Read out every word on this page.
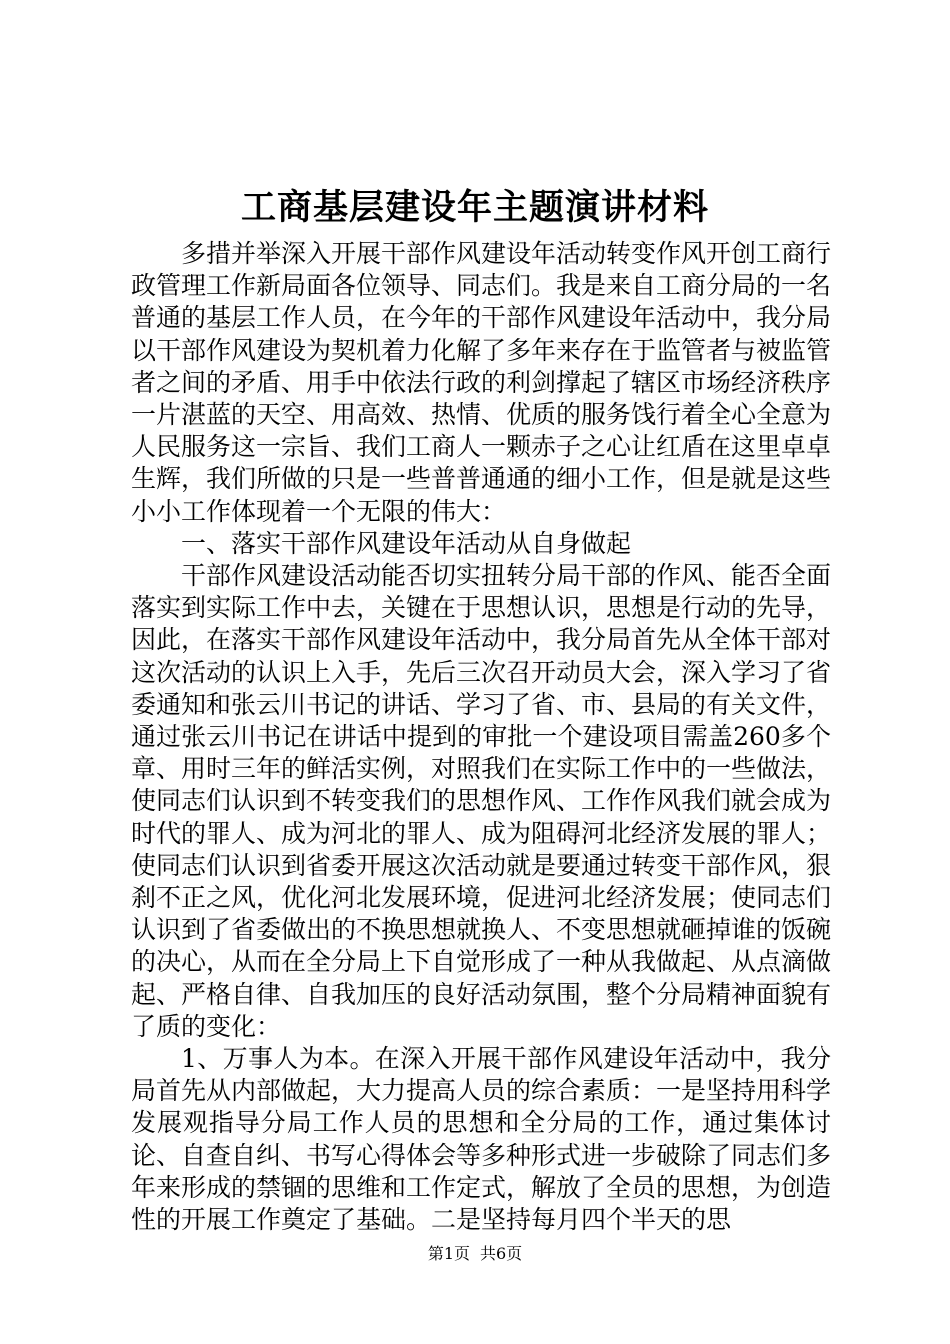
工商基层建设年主题演讲材料

多措并举深入开展干部作风建设年活动转变作风开创工商行政管理工作新局面各位领导、同志们。我是来自工商分局的一名普通的基层工作人员，在今年的干部作风建设年活动中，我分局以干部作风建设为契机着力化解了多年来存在于监管者与被监管者之间的矛盾、用手中依法行政的利剑撑起了辖区市场经济秩序一片湛蓝的天空、用高效、热情、优质的服务饯行着全心全意为人民服务这一宗旨、我们工商人一颗赤子之心让红盾在这里卓卓生辉，我们所做的只是一些普普通通的细小工作，但是就是这些小小工作体现着一个无限的伟大：

一、落实干部作风建设年活动从自身做起

干部作风建设活动能否切实扭转分局干部的作风、能否全面落实到实际工作中去，关键在于思想认识，思想是行动的先导，因此，在落实干部作风建设年活动中，我分局首先从全体干部对这次活动的认识上入手，先后三次召开动员大会，深入学习了省委通知和张云川书记的讲话、学习了省、市、县局的有关文件，通过张云川书记在讲话中提到的审批一个建设项目需盖260多个章、用时三年的鲜活实例，对照我们在实际工作中的一些做法，使同志们认识到不转变我们的思想作风、工作作风我们就会成为时代的罪人、成为河北的罪人、成为阻碍河北经济发展的罪人；使同志们认识到省委开展这次活动就是要通过转变干部作风，狠刹不正之风，优化河北发展环境，促进河北经济发展；使同志们认识到了省委做出的不换思想就换人、不变思想就砸掉谁的饭碗的决心，从而在全分局上下自觉形成了一种从我做起、从点滴做起、严格自律、自我加压的良好活动氛围，整个分局精神面貌有了质的变化：

1、万事人为本。在深入开展干部作风建设年活动中，我分局首先从内部做起，大力提高人员的综合素质：一是坚持用科学发展观指导分局工作人员的思想和全分局的工作，通过集体讨论、自查自纠、书写心得体会等多种形式进一步破除了同志们多年来形成的禁锢的思维和工作定式，解放了全员的思想，为创造性的开展工作奠定了基础。二是坚持每月四个半天的思

第1页 共6页
